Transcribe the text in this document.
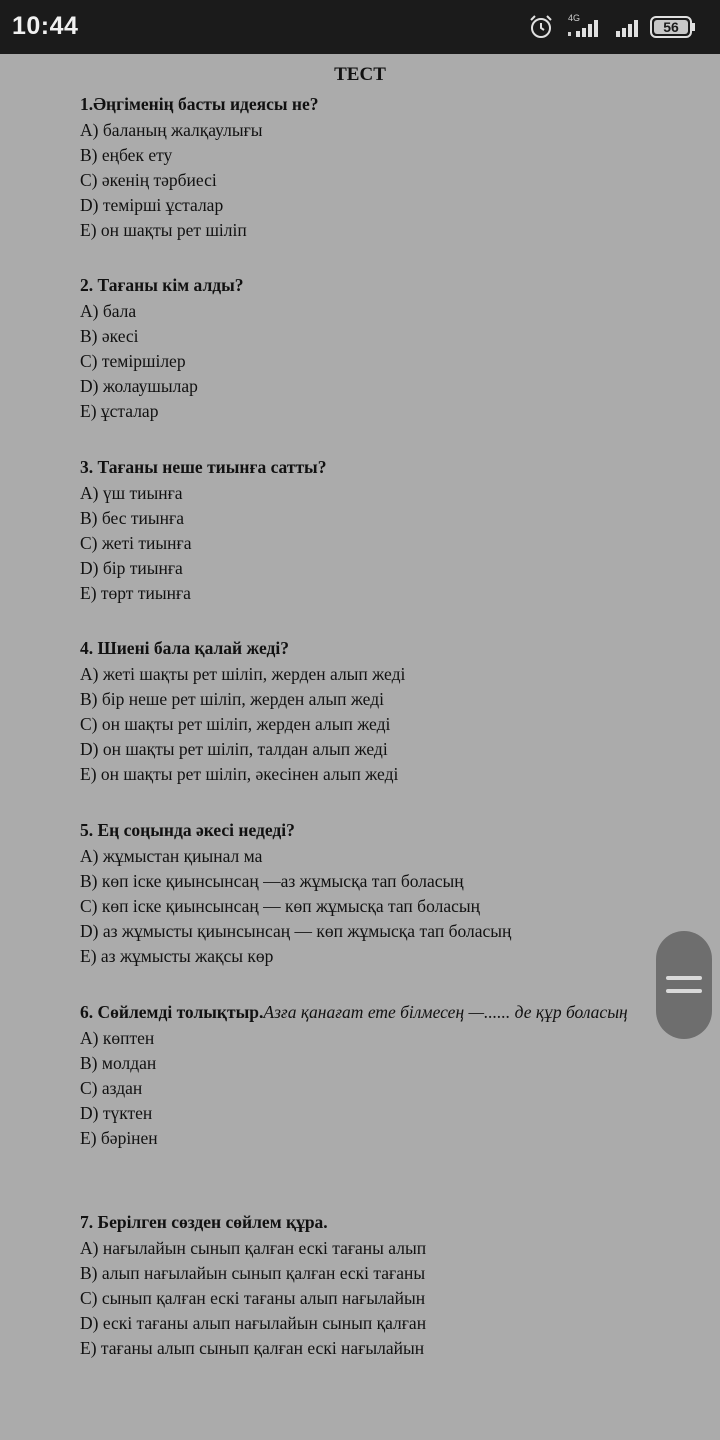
10:44	4G
56
ТЕСТ
1.Әңгіменің басты идеясы не?
A) баланың жалқаулығы
B) еңбек ету
C) әкенің тәрбиесі
D) темірші ұсталар
E) он шақты рет шіліп
2. Тағаны кім алды?
A) бала
B) әкесі
C) теміршілер
D) жолаушылар
E) ұсталар
3. Тағаны неше тиынға сатты?
A) үш тиынға
B) бес тиынға
C) жеті тиынға
D) бір тиынға
E) төрт тиынға
4. Шиені бала қалай жеді?
A) жеті шақты рет шіліп, жерден алып жеді
B) бір неше рет шіліп, жерден алып жеді
C) он шақты рет шіліп, жерден алып жеді
D) он шақты рет шіліп, талдан алып жеді
E) он шақты рет шіліп, әкесінен алып жеді
5. Ең соңында әкесі недеді?
A) жұмыстан қиынал ма
B) көп іске қиынсынсаң —аз жұмысқа тап боласың
C) көп іске қиынсынсаң — көп жұмысқа тап боласың
D) аз жұмысты қиынсынсаң — көп жұмысқа тап боласың
E) аз жұмысты жақсы көр
6. Сөйлемді толықтыр.Азға қанағат ете білмесең —...... де құр боласың
A) көптен
B) молдан
C) аздан
D) түктен
E) бәрінен
7. Берілген сөзден сөйлем құра.
A) нағылайын сынып қалған ескі тағаны алып
B) алып нағылайын сынып қалған ескі тағаны
C) сынып қалған ескі тағаны алып нағылайын
D) ескі тағаны алып нағылайын сынып қалған
E) тағаны алып сынып қалған ескі нағылайын
